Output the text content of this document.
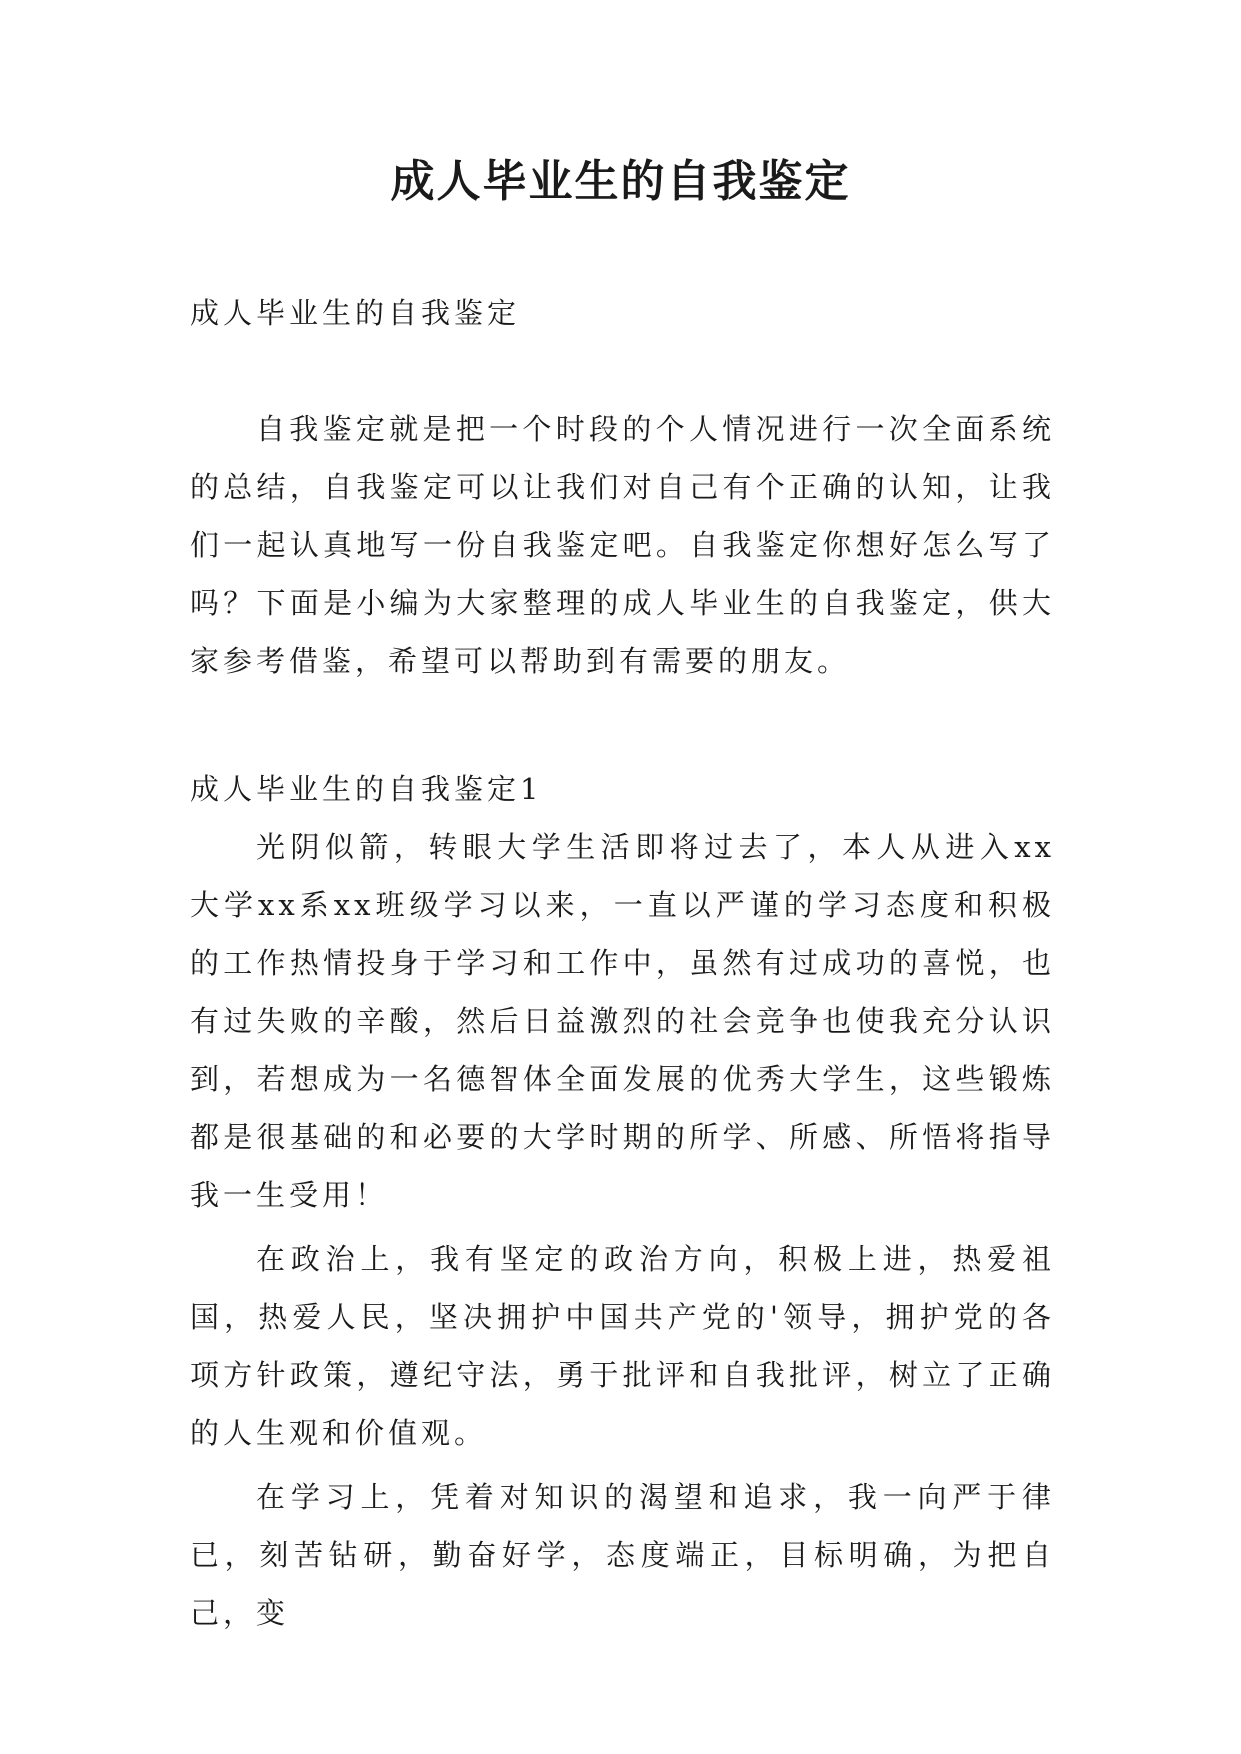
成人毕业生的自我鉴定

成人毕业生的自我鉴定

自我鉴定就是把一个时段的个人情况进行一次全面系统的总结，自我鉴定可以让我们对自己有个正确的认知，让我们一起认真地写一份自我鉴定吧。自我鉴定你想好怎么写了吗？下面是小编为大家整理的成人毕业生的自我鉴定，供大家参考借鉴，希望可以帮助到有需要的朋友。

成人毕业生的自我鉴定1

光阴似箭，转眼大学生活即将过去了，本人从进入xx大学xx系xx班级学习以来，一直以严谨的学习态度和积极的工作热情投身于学习和工作中，虽然有过成功的喜悦，也有过失败的辛酸，然后日益激烈的社会竞争也使我充分认识到，若想成为一名德智体全面发展的优秀大学生，这些锻炼都是很基础的和必要的大学时期的所学、所感、所悟将指导我一生受用！

在政治上，我有坚定的政治方向，积极上进，热爱祖国，热爱人民，坚决拥护中国共产党的'领导，拥护党的各项方针政策，遵纪守法，勇于批评和自我批评，树立了正确的人生观和价值观。

在学习上，凭着对知识的渴望和追求，我一向严于律已，刻苦钻研，勤奋好学，态度端正，目标明确，为把自己，变
